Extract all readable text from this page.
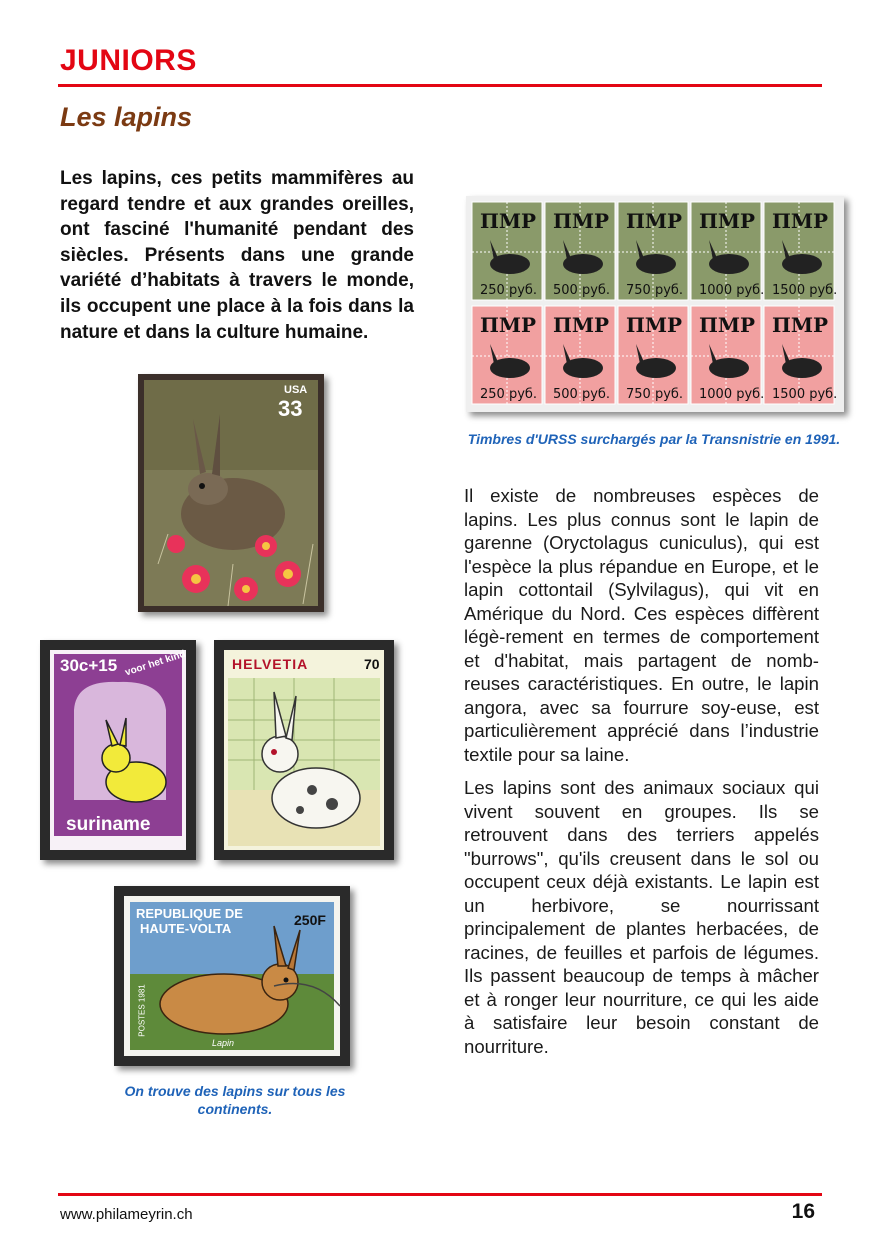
JUNIORS
Les lapins

Les lapins, ces petits mammifères au regard tendre et aux grandes oreilles, ont fasciné l'humanité pendant des siècles. Présents dans une grande variété d’habitats à travers le monde, ils occupent une place à la fois dans la nature et dans la culture humaine.

ПМР
250 руб.
ПМР
500 руб.
ПМР
750 руб.
ПМР
1000 руб.
ПМР
1500 руб.
ПМР
250 руб.
ПМР
500 руб.
ПМР
750 руб.
ПМР
1000 руб.
ПМР
1500 руб.
Timbres d'URSS surchargés par la Transnistrie en 1991.
USA
33
30c+15 voor het kind
suriname
HELVETIA	70
REPUBLIQUE DE
HAUTE-VOLTA
250F
Lapin
POSTES 1981
On trouve des lapins sur tous les continents.

Il existe de nombreuses espèces de lapins. Les plus connus sont le lapin de garenne (Oryctolagus cuniculus), qui est l'espèce la plus répandue en Europe, et le lapin cottontail (Sylvilagus), qui vit en Amérique du Nord. Ces espèces diffèrent légè-rement en termes de comportement et d'habitat, mais partagent de nomb-reuses caractéristiques. En outre, le lapin angora, avec sa fourrure soy-euse, est particulièrement apprécié dans l’industrie textile pour sa laine.

Les lapins sont des animaux sociaux qui vivent souvent en groupes. Ils se retrouvent dans des terriers appelés "burrows", qu'ils creusent dans le sol ou occupent ceux déjà existants. Le lapin est un herbivore, se nourrissant principalement de plantes herbacées, de racines, de feuilles et parfois de légumes. Ils passent beaucoup de temps à mâcher et à ronger leur nourriture, ce qui les aide à satisfaire leur besoin constant de nourriture.

www.philameyrin.ch	16
